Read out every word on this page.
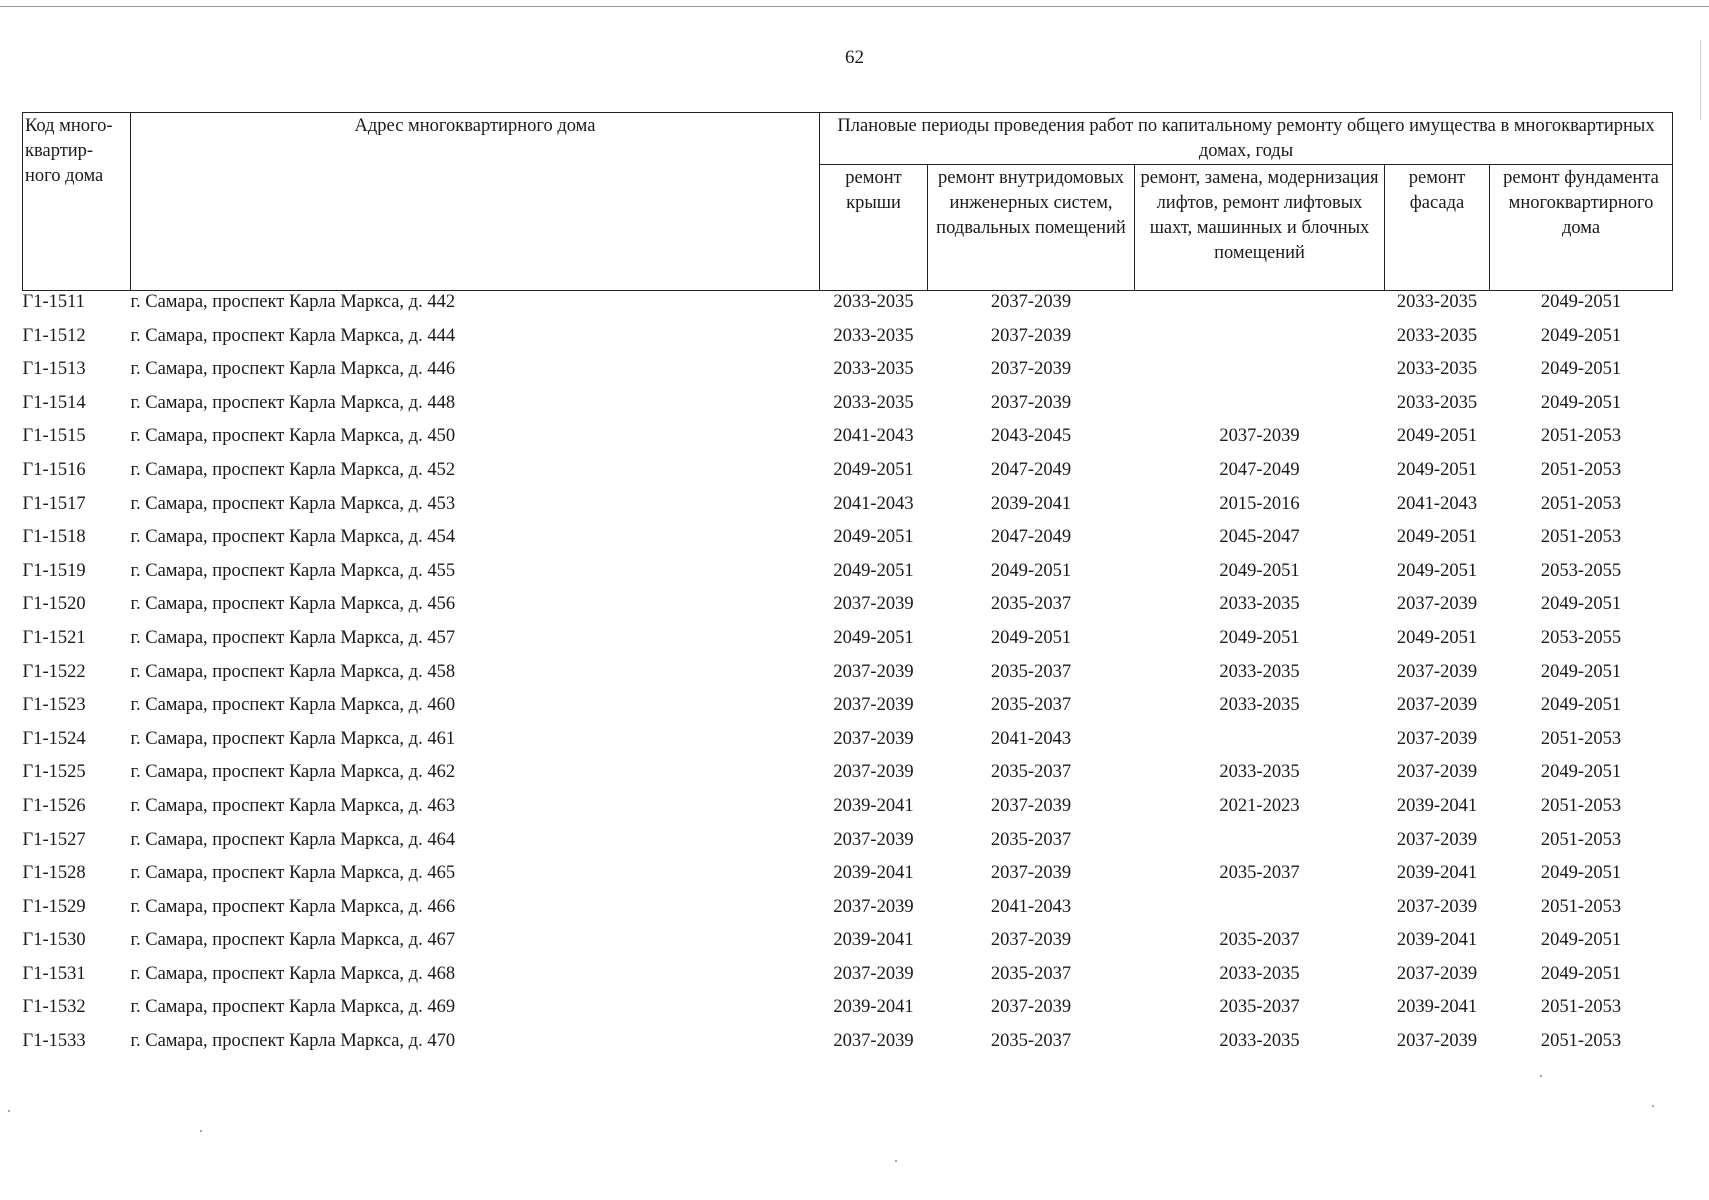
62
Код много-квартир-ного дома	Адрес многоквартирного дома	Плановые периоды проведения работ по капитальному ремонту общего имущества в многоквартирных домах, годы				
		ремонт крыши	ремонт внутридомовых инженерных систем, подвальных помещений	ремонт, замена, модернизация лифтов, ремонт лифтовых шахт, машинных и блочных помещений	ремонт фасада	ремонт фундамента многоквартирного дома
Г1-1511	г. Самара, проспект Карла Маркса, д. 442	2033-2035	2037-2039		2033-2035	2049-2051
Г1-1512	г. Самара, проспект Карла Маркса, д. 444	2033-2035	2037-2039		2033-2035	2049-2051
Г1-1513	г. Самара, проспект Карла Маркса, д. 446	2033-2035	2037-2039		2033-2035	2049-2051
Г1-1514	г. Самара, проспект Карла Маркса, д. 448	2033-2035	2037-2039		2033-2035	2049-2051
Г1-1515	г. Самара, проспект Карла Маркса, д. 450	2041-2043	2043-2045	2037-2039	2049-2051	2051-2053
Г1-1516	г. Самара, проспект Карла Маркса, д. 452	2049-2051	2047-2049	2047-2049	2049-2051	2051-2053
Г1-1517	г. Самара, проспект Карла Маркса, д. 453	2041-2043	2039-2041	2015-2016	2041-2043	2051-2053
Г1-1518	г. Самара, проспект Карла Маркса, д. 454	2049-2051	2047-2049	2045-2047	2049-2051	2051-2053
Г1-1519	г. Самара, проспект Карла Маркса, д. 455	2049-2051	2049-2051	2049-2051	2049-2051	2053-2055
Г1-1520	г. Самара, проспект Карла Маркса, д. 456	2037-2039	2035-2037	2033-2035	2037-2039	2049-2051
Г1-1521	г. Самара, проспект Карла Маркса, д. 457	2049-2051	2049-2051	2049-2051	2049-2051	2053-2055
Г1-1522	г. Самара, проспект Карла Маркса, д. 458	2037-2039	2035-2037	2033-2035	2037-2039	2049-2051
Г1-1523	г. Самара, проспект Карла Маркса, д. 460	2037-2039	2035-2037	2033-2035	2037-2039	2049-2051
Г1-1524	г. Самара, проспект Карла Маркса, д. 461	2037-2039	2041-2043		2037-2039	2051-2053
Г1-1525	г. Самара, проспект Карла Маркса, д. 462	2037-2039	2035-2037	2033-2035	2037-2039	2049-2051
Г1-1526	г. Самара, проспект Карла Маркса, д. 463	2039-2041	2037-2039	2021-2023	2039-2041	2051-2053
Г1-1527	г. Самара, проспект Карла Маркса, д. 464	2037-2039	2035-2037		2037-2039	2051-2053
Г1-1528	г. Самара, проспект Карла Маркса, д. 465	2039-2041	2037-2039	2035-2037	2039-2041	2049-2051
Г1-1529	г. Самара, проспект Карла Маркса, д. 466	2037-2039	2041-2043		2037-2039	2051-2053
Г1-1530	г. Самара, проспект Карла Маркса, д. 467	2039-2041	2037-2039	2035-2037	2039-2041	2049-2051
Г1-1531	г. Самара, проспект Карла Маркса, д. 468	2037-2039	2035-2037	2033-2035	2037-2039	2049-2051
Г1-1532	г. Самара, проспект Карла Маркса, д. 469	2039-2041	2037-2039	2035-2037	2039-2041	2051-2053
Г1-1533	г. Самара, проспект Карла Маркса, д. 470	2037-2039	2035-2037	2033-2035	2037-2039	2051-2053
